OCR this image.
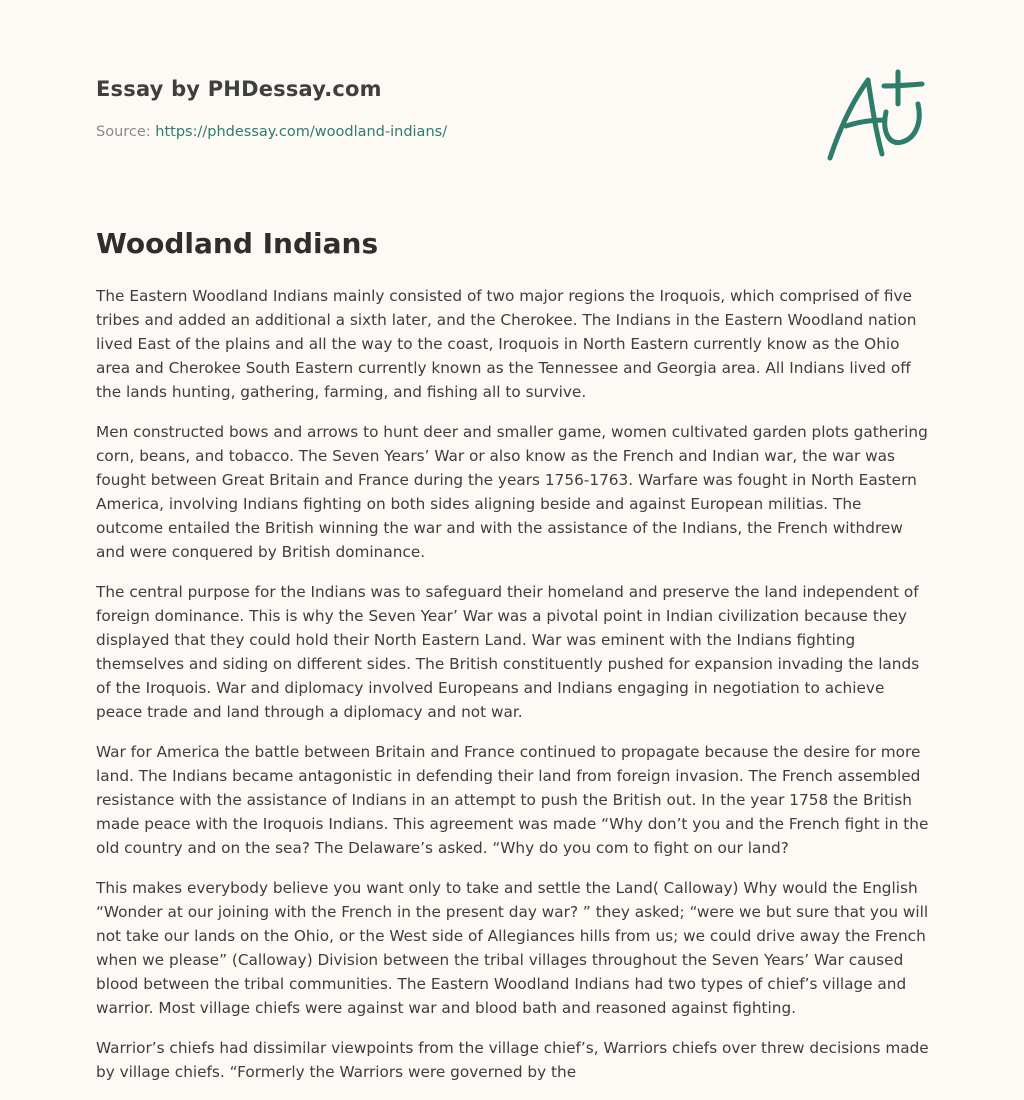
Essay by PHDessay.com
Source: https://phdessay.com/woodland-indians/
Woodland Indians

The Eastern Woodland Indians mainly consisted of two major regions the Iroquois, which comprised of five tribes and added an additional a sixth later, and the Cherokee. The Indians in the Eastern Woodland nation lived East of the plains and all the way to the coast, Iroquois in North Eastern currently know as the Ohio area and Cherokee South Eastern currently known as the Tennessee and Georgia area. All Indians lived off the lands hunting, gathering, farming, and fishing all to survive.

Men constructed bows and arrows to hunt deer and smaller game, women cultivated garden plots gathering corn, beans, and tobacco. The Seven Years’ War or also know as the French and Indian war, the war was fought between Great Britain and France during the years 1756-1763. Warfare was fought in North Eastern America, involving Indians fighting on both sides aligning beside and against European militias. The outcome entailed the British winning the war and with the assistance of the Indians, the French withdrew and were conquered by British dominance.

The central purpose for the Indians was to safeguard their homeland and preserve the land independent of foreign dominance. This is why the Seven Year’ War was a pivotal point in Indian civilization because they displayed that they could hold their North Eastern Land. War was eminent with the Indians fighting themselves and siding on different sides. The British constituently pushed for expansion invading the lands of the Iroquois. War and diplomacy involved Europeans and Indians engaging in negotiation to achieve peace trade and land through a diplomacy and not war.

War for America the battle between Britain and France continued to propagate because the desire for more land. The Indians became antagonistic in defending their land from foreign invasion. The French assembled resistance with the assistance of Indians in an attempt to push the British out. In the year 1758 the British made peace with the Iroquois Indians. This agreement was made “Why don’t you and the French fight in the old country and on the sea? The Delaware’s asked. “Why do you com to fight on our land?

This makes everybody believe you want only to take and settle the Land( Calloway) Why would the English “Wonder at our joining with the French in the present day war? ” they asked; “were we but sure that you will not take our lands on the Ohio, or the West side of Allegiances hills from us; we could drive away the French when we please” (Calloway) Division between the tribal villages throughout the Seven Years’ War caused blood between the tribal communities. The Eastern Woodland Indians had two types of chief’s village and warrior. Most village chiefs were against war and blood bath and reasoned against fighting.

Warrior’s chiefs had dissimilar viewpoints from the village chief’s, Warriors chiefs over threw decisions made by village chiefs. “Formerly the Warriors were governed by the
